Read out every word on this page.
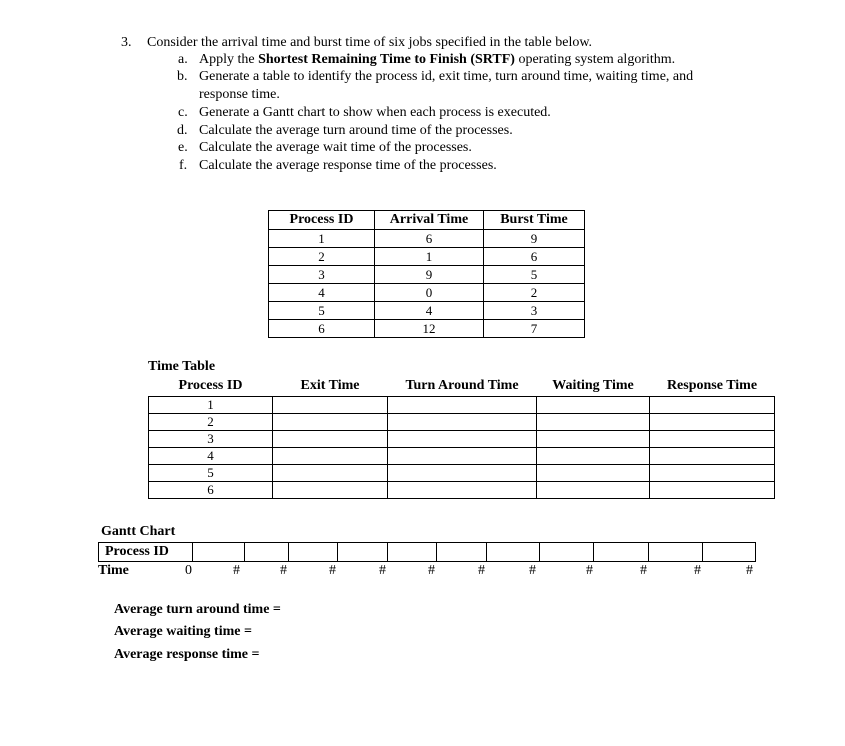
3. Consider the arrival time and burst time of six jobs specified in the table below.
a. Apply the Shortest Remaining Time to Finish (SRTF) operating system algorithm.
b. Generate a table to identify the process id, exit time, turn around time, waiting time, and
response time.
c. Generate a Gantt chart to show when each process is executed.
d. Calculate the average turn around time of the processes.
e. Calculate the average wait time of the processes.
f. Calculate the average response time of the processes.
Process ID	Arrival Time	Burst Time
1	6	9
2	1	6
3	9	5
4	0	2
5	4	3
6	12	7
Time Table
Process ID	Exit Time	Turn Around Time	Waiting Time	Response Time
1				
2				
3				
4				
5				
6				
Gantt Chart
Process ID
Time	0	#	#	#	#	#	#	#	#	#	#	#
Average turn around time =
Average waiting time =
Average response time =
